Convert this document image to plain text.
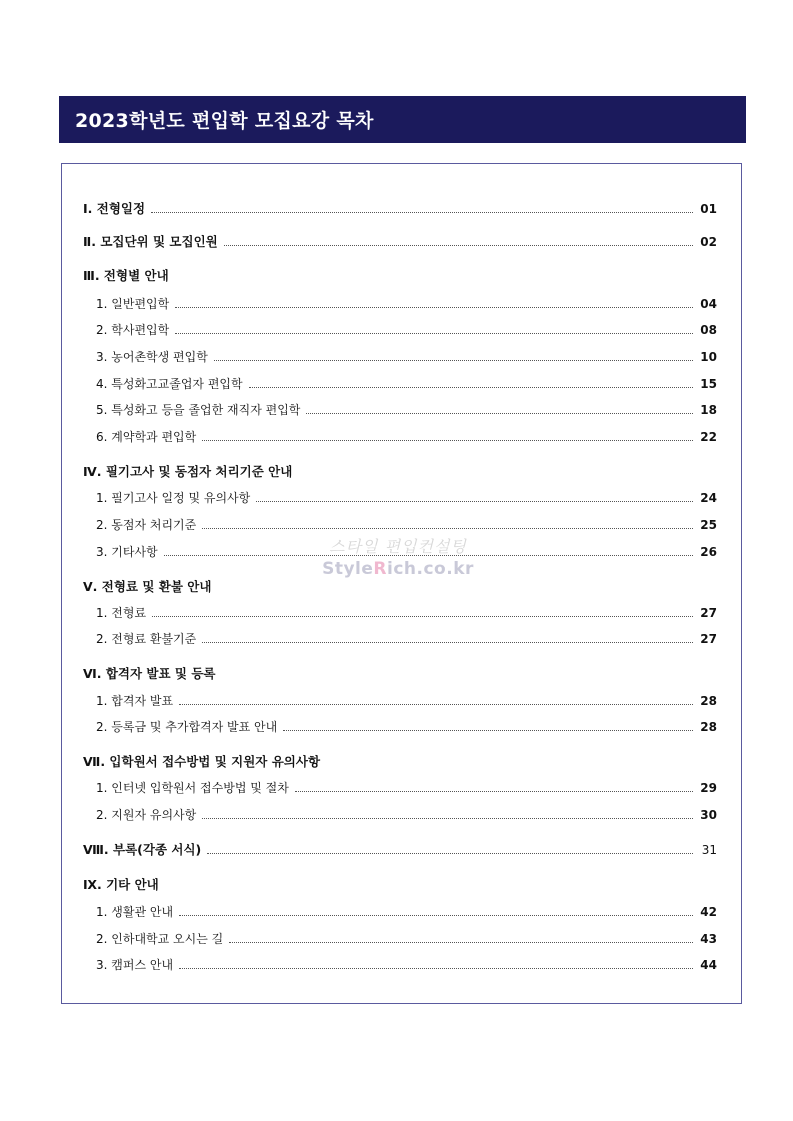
2023학년도 편입학 모집요강 목차
Ⅰ. 전형일정	01
Ⅱ. 모집단위 및 모집인원	02
Ⅲ. 전형별 안내
1. 일반편입학	04
2. 학사편입학	08
3. 농어촌학생 편입학	10
4. 특성화고교졸업자 편입학	15
5. 특성화고 등을 졸업한 재직자 편입학	18
6. 계약학과 편입학	22
Ⅳ. 필기고사 및 동점자 처리기준 안내
1. 필기고사 일정 및 유의사항	24
2. 동점자 처리기준	25
3. 기타사항	26
Ⅴ. 전형료 및 환불 안내
1. 전형료	27
2. 전형료 환불기준	27
Ⅵ. 합격자 발표 및 등록
1. 합격자 발표	28
2. 등록금 및 추가합격자 발표 안내	28
Ⅶ. 입학원서 접수방법 및 지원자 유의사항
1. 인터넷 입학원서 접수방법 및 절차	29
2. 지원자 유의사항	30
Ⅷ. 부록(각종 서식)	31
Ⅸ. 기타 안내
1. 생활관 안내	42
2. 인하대학교 오시는 길	43
3. 캠퍼스 안내	44
스타일 편입컨설팅
StyleRich.co.kr
